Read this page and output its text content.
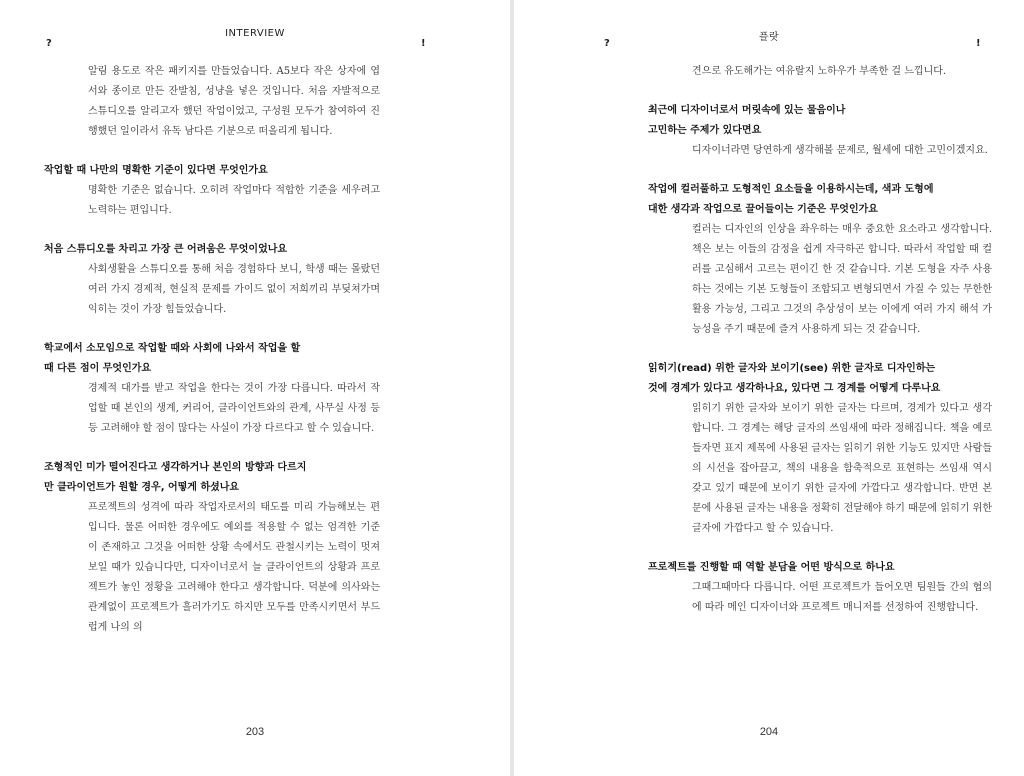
INTERVIEW
?	!

알림 용도로 작은 패키지를 만들었습니다. A5보다 작은 상자에 엽서와 종이로 만든 잔발침, 성냥을 넣은 것입니다. 처음 자발적으로 스튜디오를 알리고자 했던 작업이었고, 구성원 모두가 참여하여 진행했던 일이라서 유독 남다른 기분으로 떠올리게 됩니다.

작업할 때 나만의 명확한 기준이 있다면 무엇인가요

명확한 기준은 없습니다. 오히려 작업마다 적합한 기준을 세우려고 노력하는 편입니다.

처음 스튜디오를 차리고 가장 큰 어려움은 무엇이었나요

사회생활을 스튜디오를 통해 처음 경험하다 보니, 학생 때는 몰랐던 여러 가지 경제적, 현실적 문제를 가이드 없이 저희끼리 부딪쳐가며 익히는 것이 가장 힘들었습니다.

학교에서 소모임으로 작업할 때와 사회에 나와서 작업을 할 때 다른 점이 무엇인가요

경제적 대가를 받고 작업을 한다는 것이 가장 다릅니다. 따라서 작업할 때 본인의 생계, 커리어, 클라이언트와의 관계, 사무실 사정 등등 고려해야 할 점이 많다는 사실이 가장 다르다고 할 수 있습니다.

조형적인 미가 떨어진다고 생각하거나 본인의 방향과 다르지만 클라이언트가 원할 경우, 어떻게 하셨나요

프로젝트의 성격에 따라 작업자로서의 태도를 미리 가늠해보는 편입니다. 물론 어떠한 경우에도 예외를 적용할 수 없는 엄격한 기준이 존재하고 그것을 어떠한 상황 속에서도 관철시키는 노력이 멋져 보일 때가 있습니다만, 디자이너로서 늘 클라이언트의 상황과 프로젝트가 놓인 정황을 고려해야 한다고 생각합니다. 덕분에 의사와는 관계없이 프로젝트가 흘러가기도 하지만 모두를 만족시키면서 부드럽게 나의 의

203
플랏
?	!

견으로 유도해가는 여유랄지 노하우가 부족한 걸 느낍니다.

최근에 디자이너로서 머릿속에 있는 물음이나 고민하는 주제가 있다면요

디자이너라면 당연하게 생각해볼 문제로, 월세에 대한 고민이겠지요.

작업에 컬러풀하고 도형적인 요소들을 이용하시는데, 색과 도형에 대한 생각과 작업으로 끌어들이는 기준은 무엇인가요

컬러는 디자인의 인상을 좌우하는 매우 중요한 요소라고 생각합니다. 책은 보는 이들의 감정을 쉽게 자극하곤 합니다. 따라서 작업할 때 컬러를 고심해서 고르는 편이긴 한 것 같습니다. 기본 도형을 자주 사용하는 것에는 기본 도형들이 조합되고 변형되면서 가질 수 있는 무한한 활용 가능성, 그리고 그것의 추상성이 보는 이에게 여러 가지 해석 가능성을 주기 때문에 즐겨 사용하게 되는 것 같습니다.

읽히기(read) 위한 글자와 보이기(see) 위한 글자로 디자인하는 것에 경계가 있다고 생각하나요, 있다면 그 경계를 어떻게 다루나요

읽히기 위한 글자와 보이기 위한 글자는 다르며, 경계가 있다고 생각합니다. 그 경계는 해당 글자의 쓰임새에 따라 정해집니다. 책을 예로 들자면 표지 제목에 사용된 글자는 읽히기 위한 기능도 있지만 사람들의 시선을 잡아끌고, 책의 내용을 함축적으로 표현하는 쓰임새 역시 갖고 있기 때문에 보이기 위한 글자에 가깝다고 생각합니다. 반면 본문에 사용된 글자는 내용을 정확히 전달해야 하기 때문에 읽히기 위한 글자에 가깝다고 할 수 있습니다.

프로젝트를 진행할 때 역할 분담을 어떤 방식으로 하나요

그때그때마다 다릅니다. 어떤 프로젝트가 들어오면 팀원들 간의 협의에 따라 메인 디자이너와 프로젝트 매니저를 선정하여 진행합니다.

204
